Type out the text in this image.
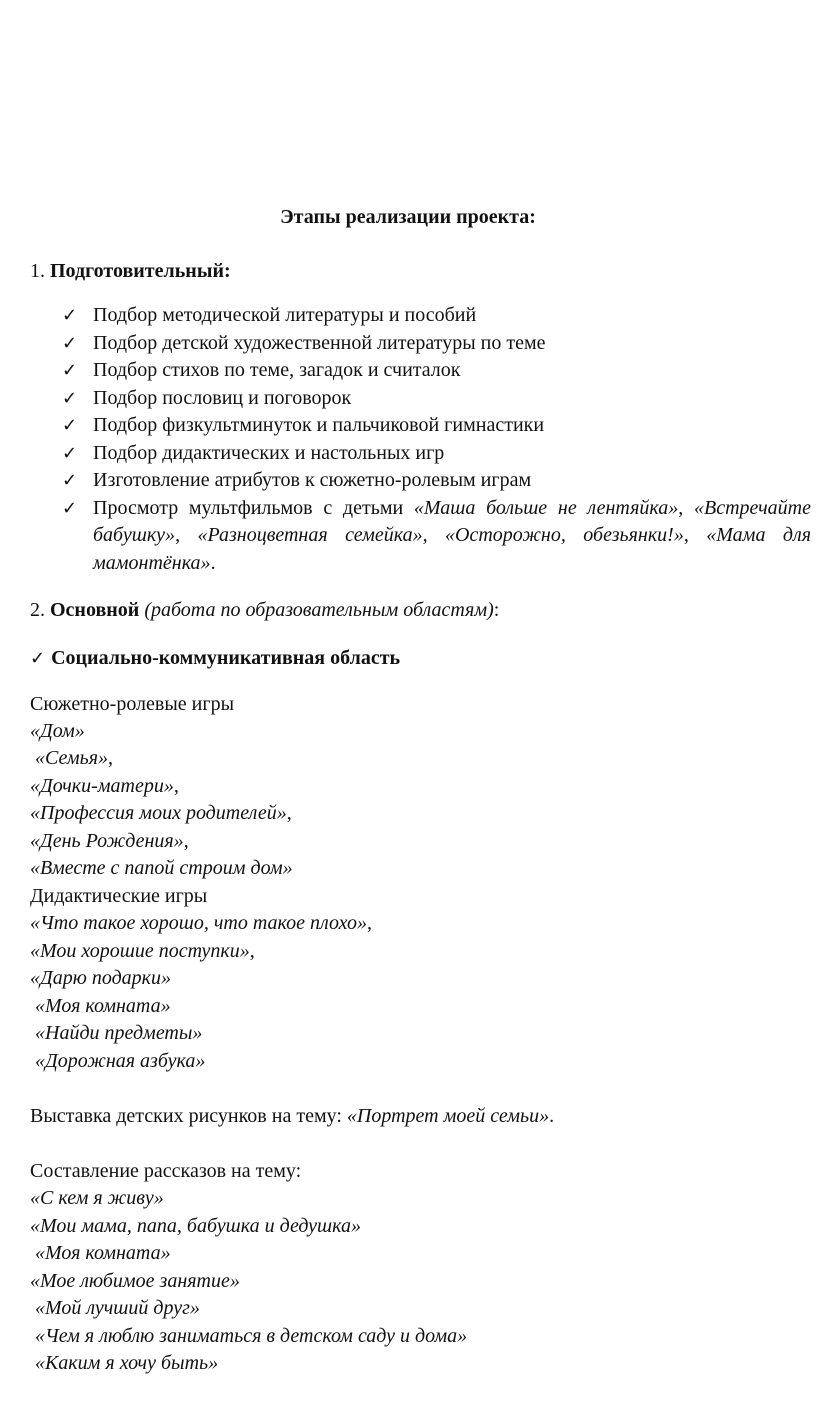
Этапы реализации проекта:
1. Подготовительный:
✓ Подбор методической литературы и пособий
✓ Подбор детской художественной литературы по теме
✓ Подбор стихов по теме, загадок и считалок
✓ Подбор пословиц и поговорок
✓ Подбор физкультминуток и пальчиковой гимнастики
✓ Подбор дидактических и настольных игр
✓ Изготовление атрибутов к сюжетно-ролевым играм
✓ Просмотр мультфильмов с детьми «Маша больше не лентяйка», «Встречайте бабушку», «Разноцветная семейка», «Осторожно, обезьянки!», «Мама для мамонтёнка».
2. Основной (работа по образовательным областям):
✓ Социально-коммуникативная область
Сюжетно-ролевые игры
«Дом»
«Семья»,
«Дочки-матери»,
«Профессия моих родителей»,
«День Рождения»,
«Вместе с папой строим дом»
Дидактические игры
«Что такое хорошо, что такое плохо»,
«Мои хорошие поступки»,
«Дарю подарки»
«Моя комната»
«Найди предметы»
«Дорожная азбука»
Выставка детских рисунков на тему: «Портрет моей семьи».
Составление рассказов на тему:
«С кем я живу»
«Мои мама, папа, бабушка и дедушка»
«Моя комната»
«Мое любимое занятие»
«Мой лучший друг»
«Чем я люблю заниматься в детском саду и дома»
«Каким я хочу быть»
